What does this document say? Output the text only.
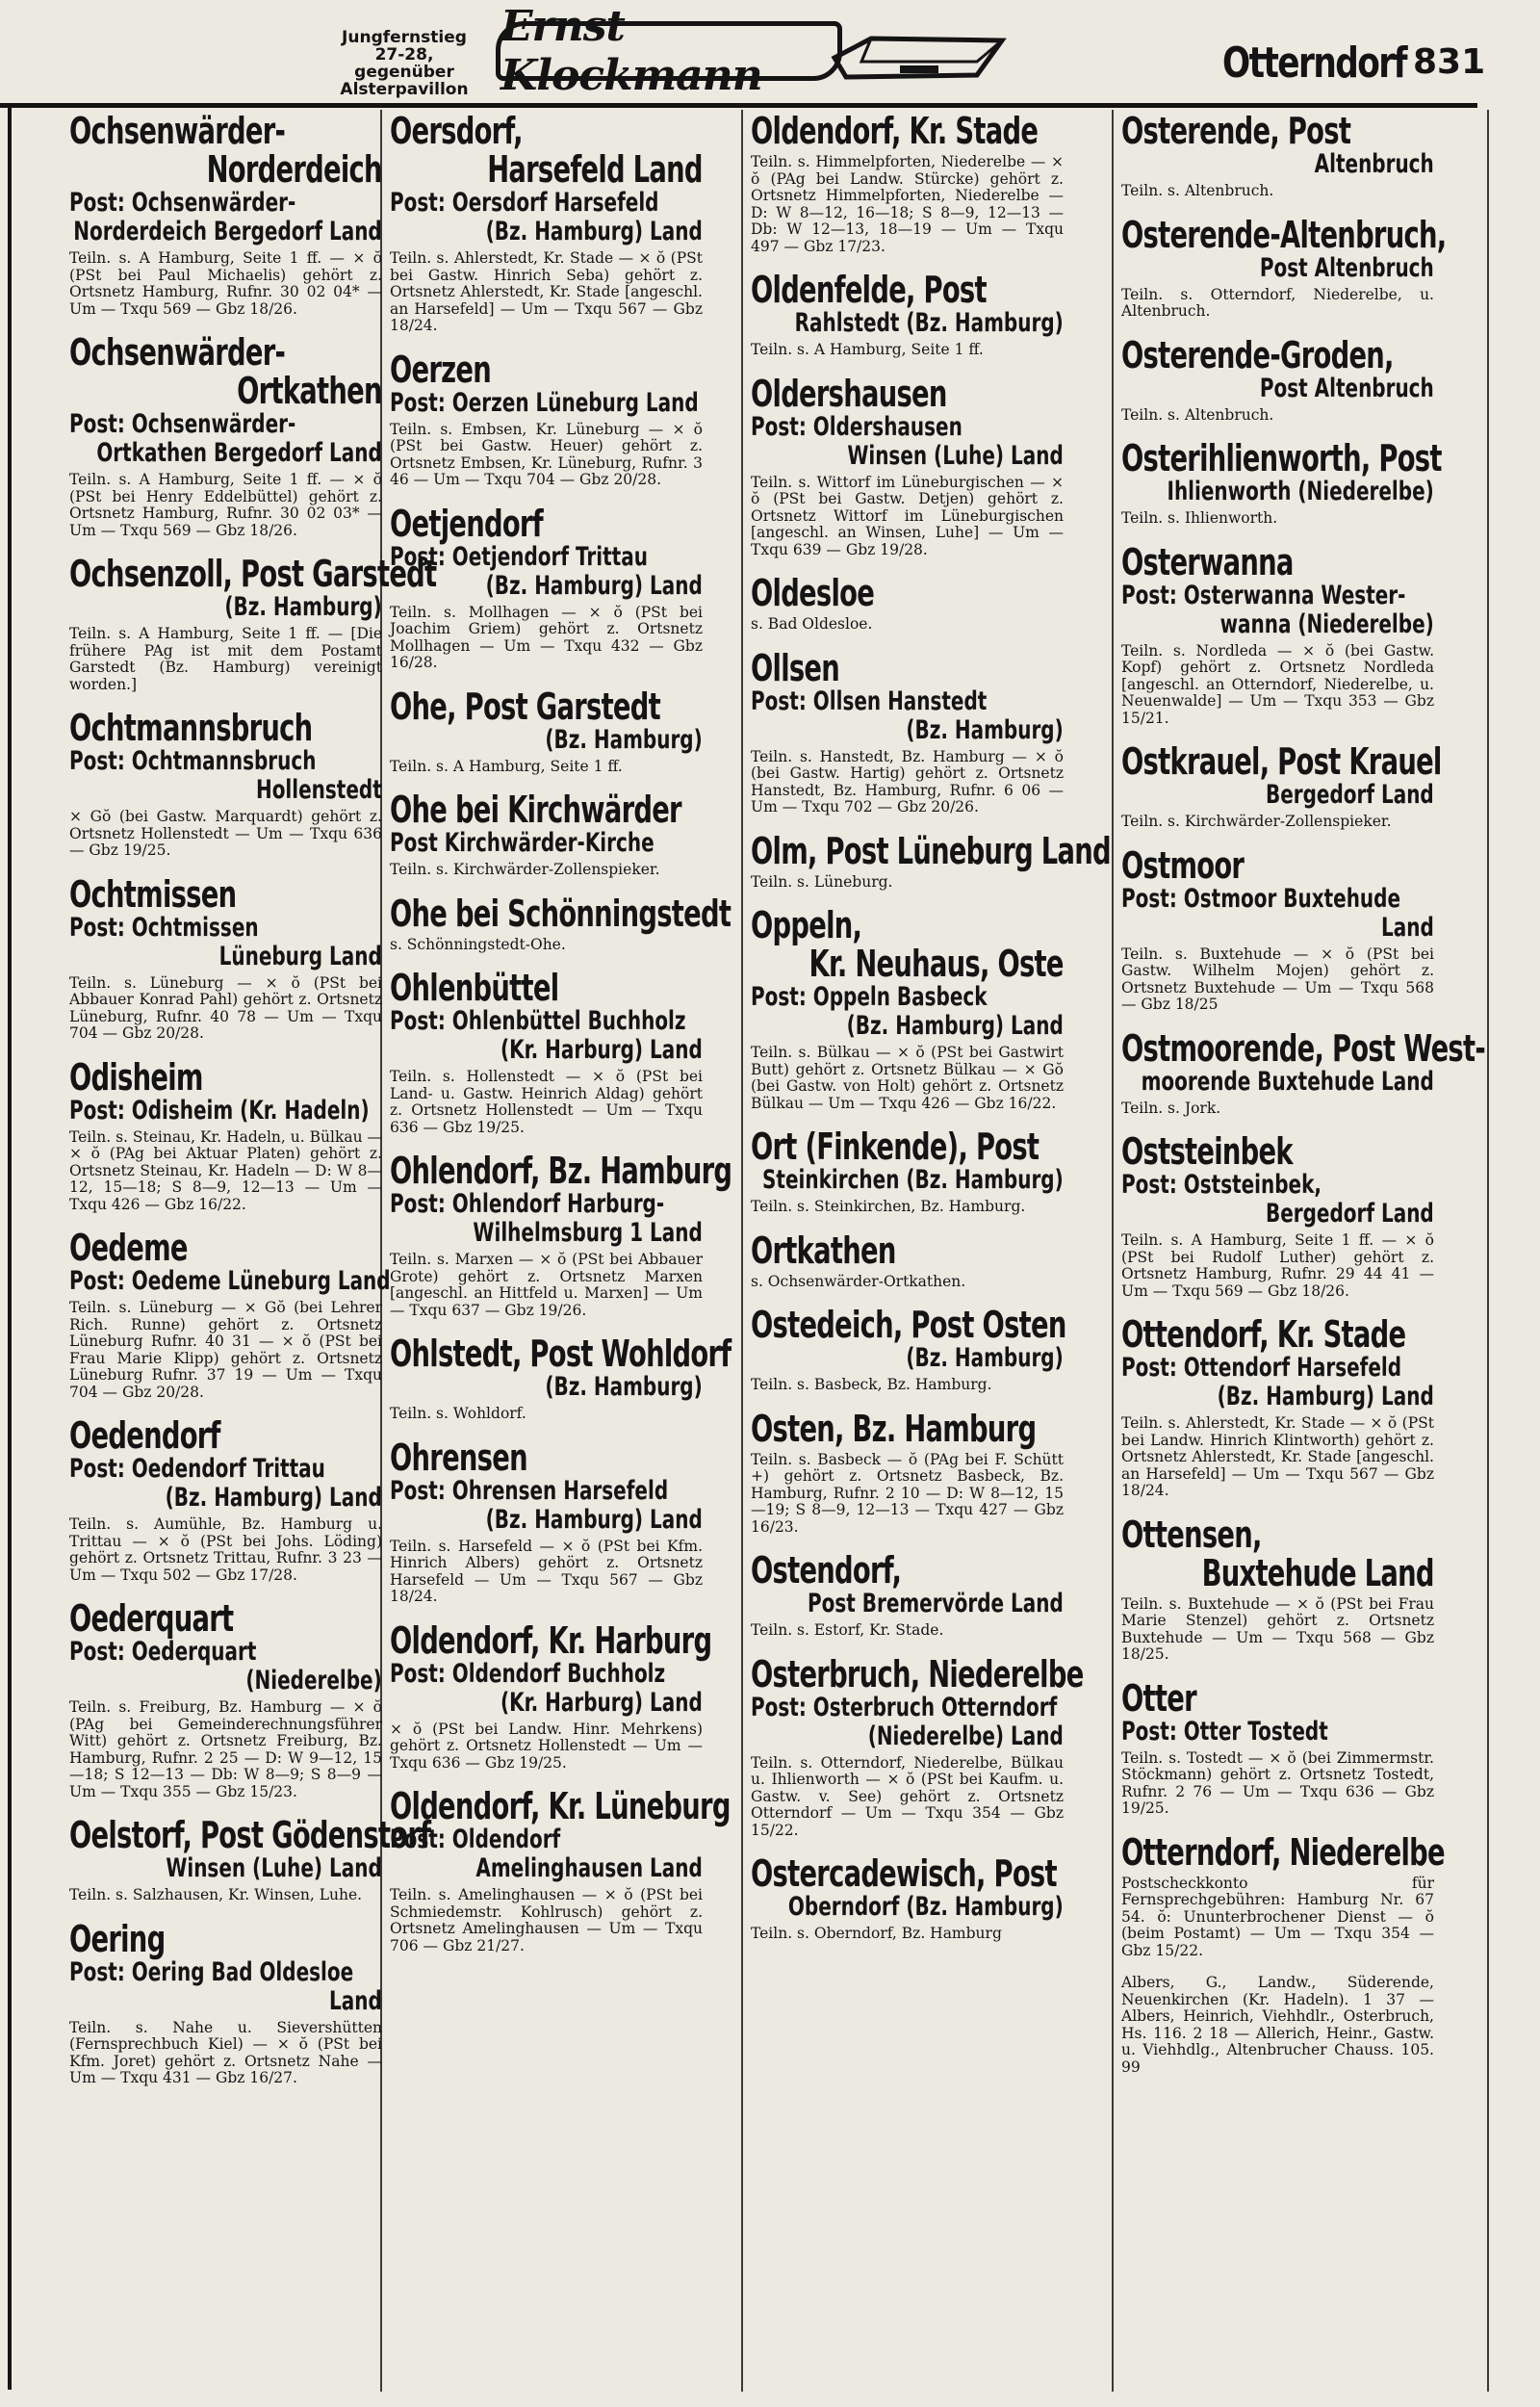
Jungfernstieg
27-28, gegenüber
Alsterpavillon
Ernst Klockmann	Otterndorf 831
Ochsenwärder-
Norderdeich
Post: Ochsenwärder-
Norderdeich Bergedorf Land
Teiln. s. A Hamburg, Seite 1 ff. — × ŏ (PSt bei Paul Michaelis) gehört z. Ortsnetz Hamburg, Rufnr. 30 02 04* — Um — Txqu 569 — Gbz 18/26.
Ochsenwärder-
Ortkathen
Post: Ochsenwärder-
Ortkathen Bergedorf Land
Teiln. s. A Hamburg, Seite 1 ff. — × ŏ (PSt bei Henry Eddelbüttel) gehört z. Ortsnetz Hamburg, Rufnr. 30 02 03* — Um — Txqu 569 — Gbz 18/26.
Ochsenzoll, Post Garstedt
(Bz. Hamburg)
Teiln. s. A Hamburg, Seite 1 ff. — [Die frühere PAg ist mit dem Postamt Garstedt (Bz. Hamburg) vereinigt worden.]
Ochtmannsbruch
Post: Ochtmannsbruch
Hollenstedt
× Gŏ (bei Gastw. Marquardt) gehört z. Ortsnetz Hollenstedt — Um — Txqu 636 — Gbz 19/25.
Ochtmissen
Post: Ochtmissen
Lüneburg Land
Teiln. s. Lüneburg — × ŏ (PSt bei Abbauer Konrad Pahl) gehört z. Ortsnetz Lüneburg, Rufnr. 40 78 — Um — Txqu 704 — Gbz 20/28.
Odisheim
Post: Odisheim (Kr. Hadeln)
Teiln. s. Steinau, Kr. Hadeln, u. Bülkau — × ŏ (PAg bei Aktuar Platen) gehört z. Ortsnetz Steinau, Kr. Hadeln — D: W 8—12, 15—18; S 8—9, 12—13 — Um — Txqu 426 — Gbz 16/22.
Oedeme
Post: Oedeme Lüneburg Land
Teiln. s. Lüneburg — × Gŏ (bei Lehrer Rich. Runne) gehört z. Ortsnetz Lüneburg Rufnr. 40 31 — × ŏ (PSt bei Frau Marie Klipp) gehört z. Ortsnetz Lüneburg Rufnr. 37 19 — Um — Txqu 704 — Gbz 20/28.
Oedendorf
Post: Oedendorf Trittau
(Bz. Hamburg) Land
Teiln. s. Aumühle, Bz. Hamburg u. Trittau — × ŏ (PSt bei Johs. Löding) gehört z. Ortsnetz Trittau, Rufnr. 3 23 — Um — Txqu 502 — Gbz 17/28.
Oederquart
Post: Oederquart
(Niederelbe)
Teiln. s. Freiburg, Bz. Hamburg — × ŏ (PAg bei Gemeinderechnungsführer Witt) gehört z. Ortsnetz Freiburg, Bz. Hamburg, Rufnr. 2 25 — D: W 9—12, 15—18; S 12—13 — Db: W 8—9; S 8—9 — Um — Txqu 355 — Gbz 15/23.
Oelstorf, Post Gödenstorf
Winsen (Luhe) Land
Teiln. s. Salzhausen, Kr. Winsen, Luhe.
Oering
Post: Oering Bad Oldesloe
Land
Teiln. s. Nahe u. Sievershütten (Fernsprechbuch Kiel) — × ŏ (PSt bei Kfm. Joret) gehört z. Ortsnetz Nahe — Um — Txqu 431 — Gbz 16/27.
Oersdorf,
Harsefeld Land
Post: Oersdorf Harsefeld
(Bz. Hamburg) Land
Teiln. s. Ahlerstedt, Kr. Stade — × ŏ (PSt bei Gastw. Hinrich Seba) gehört z. Ortsnetz Ahlerstedt, Kr. Stade [angeschl. an Harsefeld] — Um — Txqu 567 — Gbz 18/24.
Oerzen
Post: Oerzen Lüneburg Land
Teiln. s. Embsen, Kr. Lüneburg — × ŏ (PSt bei Gastw. Heuer) gehört z. Ortsnetz Embsen, Kr. Lüneburg, Rufnr. 3 46 — Um — Txqu 704 — Gbz 20/28.
Oetjendorf
Post: Oetjendorf Trittau
(Bz. Hamburg) Land
Teiln. s. Mollhagen — × ŏ (PSt bei Joachim Griem) gehört z. Ortsnetz Mollhagen — Um — Txqu 432 — Gbz 16/28.
Ohe, Post Garstedt
(Bz. Hamburg)
Teiln. s. A Hamburg, Seite 1 ff.
Ohe bei Kirchwärder
Post Kirchwärder-Kirche
Teiln. s. Kirchwärder-Zollenspieker.
Ohe bei Schönningstedt
s. Schönningstedt-Ohe.
Ohlenbüttel
Post: Ohlenbüttel Buchholz
(Kr. Harburg) Land
Teiln. s. Hollenstedt — × ŏ (PSt bei Land- u. Gastw. Heinrich Aldag) gehört z. Ortsnetz Hollenstedt — Um — Txqu 636 — Gbz 19/25.
Ohlendorf, Bz. Hamburg
Post: Ohlendorf Harburg-
Wilhelmsburg 1 Land
Teiln. s. Marxen — × ŏ (PSt bei Abbauer Grote) gehört z. Ortsnetz Marxen [angeschl. an Hittfeld u. Marxen] — Um — Txqu 637 — Gbz 19/26.
Ohlstedt, Post Wohldorf
(Bz. Hamburg)
Teiln. s. Wohldorf.
Ohrensen
Post: Ohrensen Harsefeld
(Bz. Hamburg) Land
Teiln. s. Harsefeld — × ŏ (PSt bei Kfm. Hinrich Albers) gehört z. Ortsnetz Harsefeld — Um — Txqu 567 — Gbz 18/24.
Oldendorf, Kr. Harburg
Post: Oldendorf Buchholz
(Kr. Harburg) Land
× ŏ (PSt bei Landw. Hinr. Mehrkens) gehört z. Ortsnetz Hollenstedt — Um — Txqu 636 — Gbz 19/25.
Oldendorf, Kr. Lüneburg
Post: Oldendorf
Amelinghausen Land
Teiln. s. Amelinghausen — × ŏ (PSt bei Schmiedemstr. Kohlrusch) gehört z. Ortsnetz Amelinghausen — Um — Txqu 706 — Gbz 21/27.
Oldendorf, Kr. Stade
Teiln. s. Himmelpforten, Niederelbe — × ŏ (PAg bei Landw. Stürcke) gehört z. Ortsnetz Himmelpforten, Niederelbe — D: W 8—12, 16—18; S 8—9, 12—13 — Db: W 12—13, 18—19 — Um — Txqu 497 — Gbz 17/23.
Oldenfelde, Post
Rahlstedt (Bz. Hamburg)
Teiln. s. A Hamburg, Seite 1 ff.
Oldershausen
Post: Oldershausen
Winsen (Luhe) Land
Teiln. s. Wittorf im Lüneburgischen — × ŏ (PSt bei Gastw. Detjen) gehört z. Ortsnetz Wittorf im Lüneburgischen [angeschl. an Winsen, Luhe] — Um — Txqu 639 — Gbz 19/28.
Oldesloe
s. Bad Oldesloe.
Ollsen
Post: Ollsen Hanstedt
(Bz. Hamburg)
Teiln. s. Hanstedt, Bz. Hamburg — × ŏ (bei Gastw. Hartig) gehört z. Ortsnetz Hanstedt, Bz. Hamburg, Rufnr. 6 06 — Um — Txqu 702 — Gbz 20/26.
Olm, Post Lüneburg Land
Teiln. s. Lüneburg.
Oppeln,
Kr. Neuhaus, Oste
Post: Oppeln Basbeck
(Bz. Hamburg) Land
Teiln. s. Bülkau — × ŏ (PSt bei Gastwirt Butt) gehört z. Ortsnetz Bülkau — × Gŏ (bei Gastw. von Holt) gehört z. Ortsnetz Bülkau — Um — Txqu 426 — Gbz 16/22.
Ort (Finkende), Post
Steinkirchen (Bz. Hamburg)
Teiln. s. Steinkirchen, Bz. Hamburg.
Ortkathen
s. Ochsenwärder-Ortkathen.
Ostedeich, Post Osten
(Bz. Hamburg)
Teiln. s. Basbeck, Bz. Hamburg.
Osten, Bz. Hamburg
Teiln. s. Basbeck — ŏ (PAg bei F. Schütt +) gehört z. Ortsnetz Basbeck, Bz. Hamburg, Rufnr. 2 10 — D: W 8—12, 15—19; S 8—9, 12—13 — Txqu 427 — Gbz 16/23.
Ostendorf,
Post Bremervörde Land
Teiln. s. Estorf, Kr. Stade.
Osterbruch, Niederelbe
Post: Osterbruch Otterndorf
(Niederelbe) Land
Teiln. s. Otterndorf, Niederelbe, Bülkau u. Ihlienworth — × ŏ (PSt bei Kaufm. u. Gastw. v. See) gehört z. Ortsnetz Otterndorf — Um — Txqu 354 — Gbz 15/22.
Ostercadewisch, Post
Oberndorf (Bz. Hamburg)
Teiln. s. Oberndorf, Bz. Hamburg
Osterende, Post
Altenbruch
Teiln. s. Altenbruch.
Osterende-Altenbruch,
Post Altenbruch
Teiln. s. Otterndorf, Niederelbe, u. Altenbruch.
Osterende-Groden,
Post Altenbruch
Teiln. s. Altenbruch.
Osterihlienworth, Post
Ihlienworth (Niederelbe)
Teiln. s. Ihlienworth.
Osterwanna
Post: Osterwanna Wester-
wanna (Niederelbe)
Teiln. s. Nordleda — × ŏ (bei Gastw. Kopf) gehört z. Ortsnetz Nordleda [angeschl. an Otterndorf, Niederelbe, u. Neuenwalde] — Um — Txqu 353 — Gbz 15/21.
Ostkrauel, Post Krauel
Bergedorf Land
Teiln. s. Kirchwärder-Zollenspieker.
Ostmoor
Post: Ostmoor Buxtehude
Land
Teiln. s. Buxtehude — × ŏ (PSt bei Gastw. Wilhelm Mojen) gehört z. Ortsnetz Buxtehude — Um — Txqu 568 — Gbz 18/25
Ostmoorende, Post West-
moorende Buxtehude Land
Teiln. s. Jork.
Oststeinbek
Post: Oststeinbek,
Bergedorf Land
Teiln. s. A Hamburg, Seite 1 ff. — × ŏ (PSt bei Rudolf Luther) gehört z. Ortsnetz Hamburg, Rufnr. 29 44 41 — Um — Txqu 569 — Gbz 18/26.
Ottendorf, Kr. Stade
Post: Ottendorf Harsefeld
(Bz. Hamburg) Land
Teiln. s. Ahlerstedt, Kr. Stade — × ŏ (PSt bei Landw. Hinrich Klintworth) gehört z. Ortsnetz Ahlerstedt, Kr. Stade [angeschl. an Harsefeld] — Um — Txqu 567 — Gbz 18/24.
Ottensen,
Buxtehude Land
Teiln. s. Buxtehude — × ŏ (PSt bei Frau Marie Stenzel) gehört z. Ortsnetz Buxtehude — Um — Txqu 568 — Gbz 18/25.
Otter
Post: Otter Tostedt
Teiln. s. Tostedt — × ŏ (bei Zimmermstr. Stöckmann) gehört z. Ortsnetz Tostedt, Rufnr. 2 76 — Um — Txqu 636 — Gbz 19/25.
Otterndorf, Niederelbe
Postscheckkonto für Fernsprechgebühren: Hamburg Nr. 67 54. ŏ: Ununterbrochener Dienst — ŏ (beim Postamt) — Um — Txqu 354 — Gbz 15/22.
Albers, G., Landw., Süderende, Neuenkirchen (Kr. Hadeln). 1 37 — Albers, Heinrich, Viehhdlr., Osterbruch, Hs. 116. 2 18 — Allerich, Heinr., Gastw. u. Viehhdlg., Altenbrucher Chauss. 105. 99
